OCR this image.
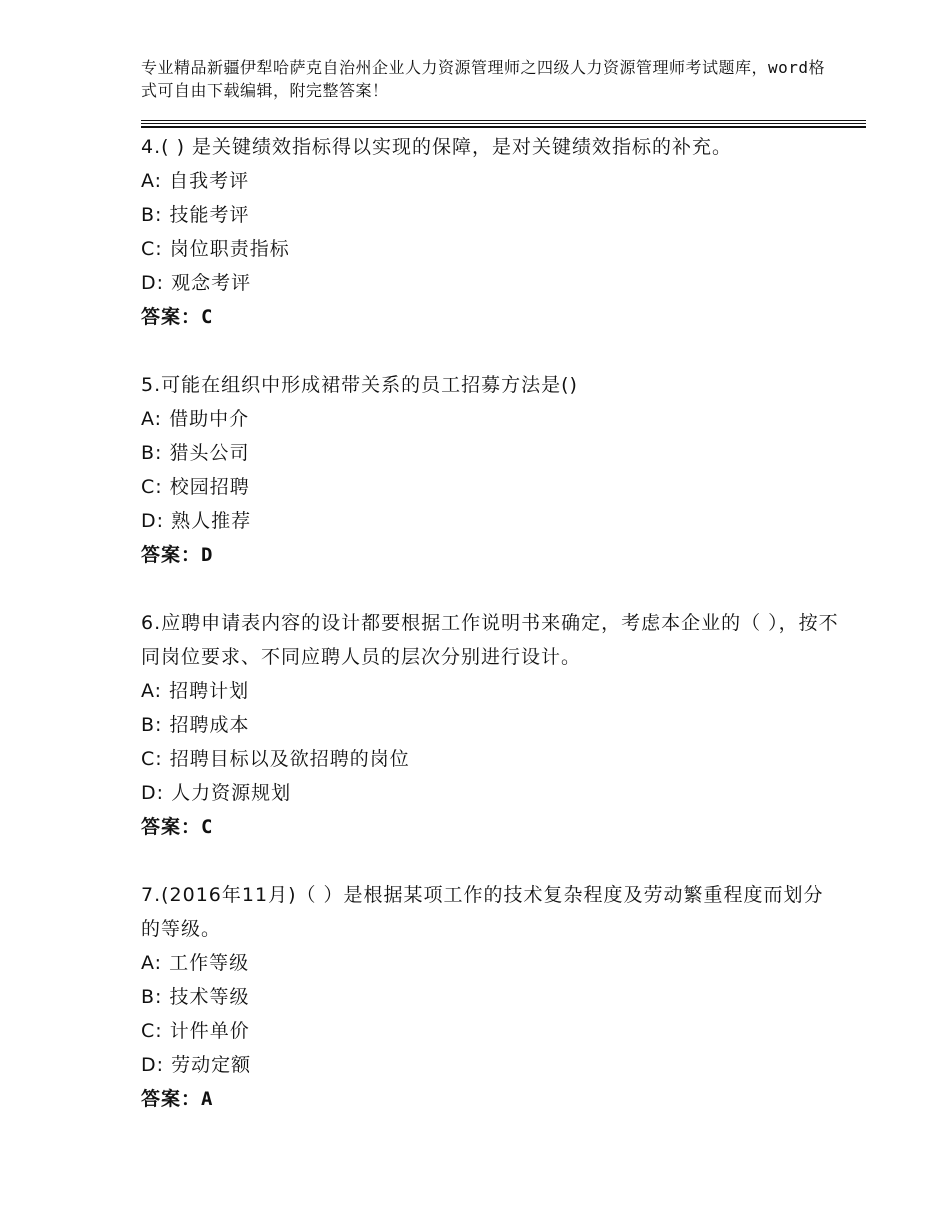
专业精品新疆伊犁哈萨克自治州企业人力资源管理师之四级人力资源管理师考试题库，word格式可自由下载编辑，附完整答案！
4.( ) 是关键绩效指标得以实现的保障，是对关键绩效指标的补充。
A: 自我考评
B: 技能考评
C: 岗位职责指标
D: 观念考评
答案：C
5.可能在组织中形成裙带关系的员工招募方法是()
A: 借助中介
B: 猎头公司
C: 校园招聘
D: 熟人推荐
答案：D
6.应聘申请表内容的设计都要根据工作说明书来确定，考虑本企业的（ ），按不同岗位要求、不同应聘人员的层次分别进行设计。
A: 招聘计划
B: 招聘成本
C: 招聘目标以及欲招聘的岗位
D: 人力资源规划
答案：C
7.(2016年11月)（ ）是根据某项工作的技术复杂程度及劳动繁重程度而划分的等级。
A: 工作等级
B: 技术等级
C: 计件单价
D: 劳动定额
答案：A
